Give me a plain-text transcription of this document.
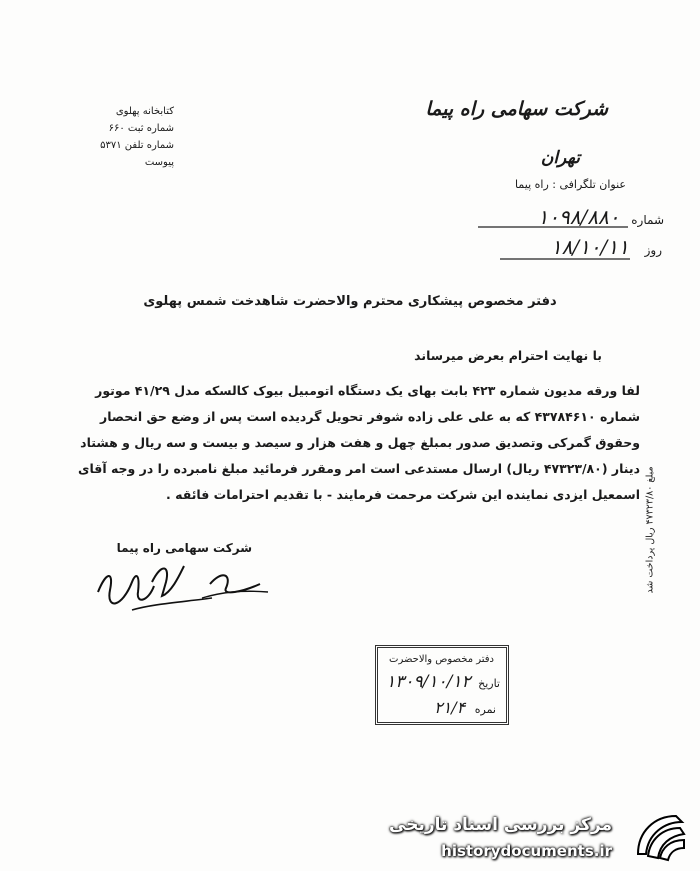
شرکت سهامی راه پیما
تهران
عنوان تلگرافی : راه پیما
شماره ۱۰۹۸/۸۸۰
روز ۱۸/۱۰/۱۱
کتابخانه پهلوی
شماره ثبت ۶۶۰
شماره تلفن ۵۳۷۱
پیوست
دفتر مخصوص پیشکاری محترم والاحضرت شاهدخت شمس پهلوی
با نهایت احترام بعرض میرساند

لفا ورقه مدیون شماره ۴۲۳ بابت بهای یک دستگاه اتومبیل بیوک کالسکه مدل ۴۱/۲۹ موتور

شماره ۴۳۷۸۴۶۱۰ که به علی علی زاده شوفر تحویل گردیده است پس از وضع حق انحصار

وحقوق گمرکی وتصدیق صدور بمبلغ چهل و هفت هزار و سیصد و بیست و سه ریال و هشتاد

دینار (۴۷۳۲۳/۸۰ ریال) ارسال مستدعی است امر ومقرر فرمائید مبلغ نامبرده را در وجه آقای

اسمعیل ایزدی نماینده این شرکت مرحمت فرمایند - با تقدیم احترامات فائقه .

شرکت سهامی راه پیما	مبلغ ۴۷۳۲۳/۸۰ ریال پرداخت شد
دفتر مخصوص والاحضرت
تاریخ ۱۳۰۹/۱۰/۱۲
نمره ۲۱/۴
مرکز بررسی اسناد تاریخی
historydocuments.ir
